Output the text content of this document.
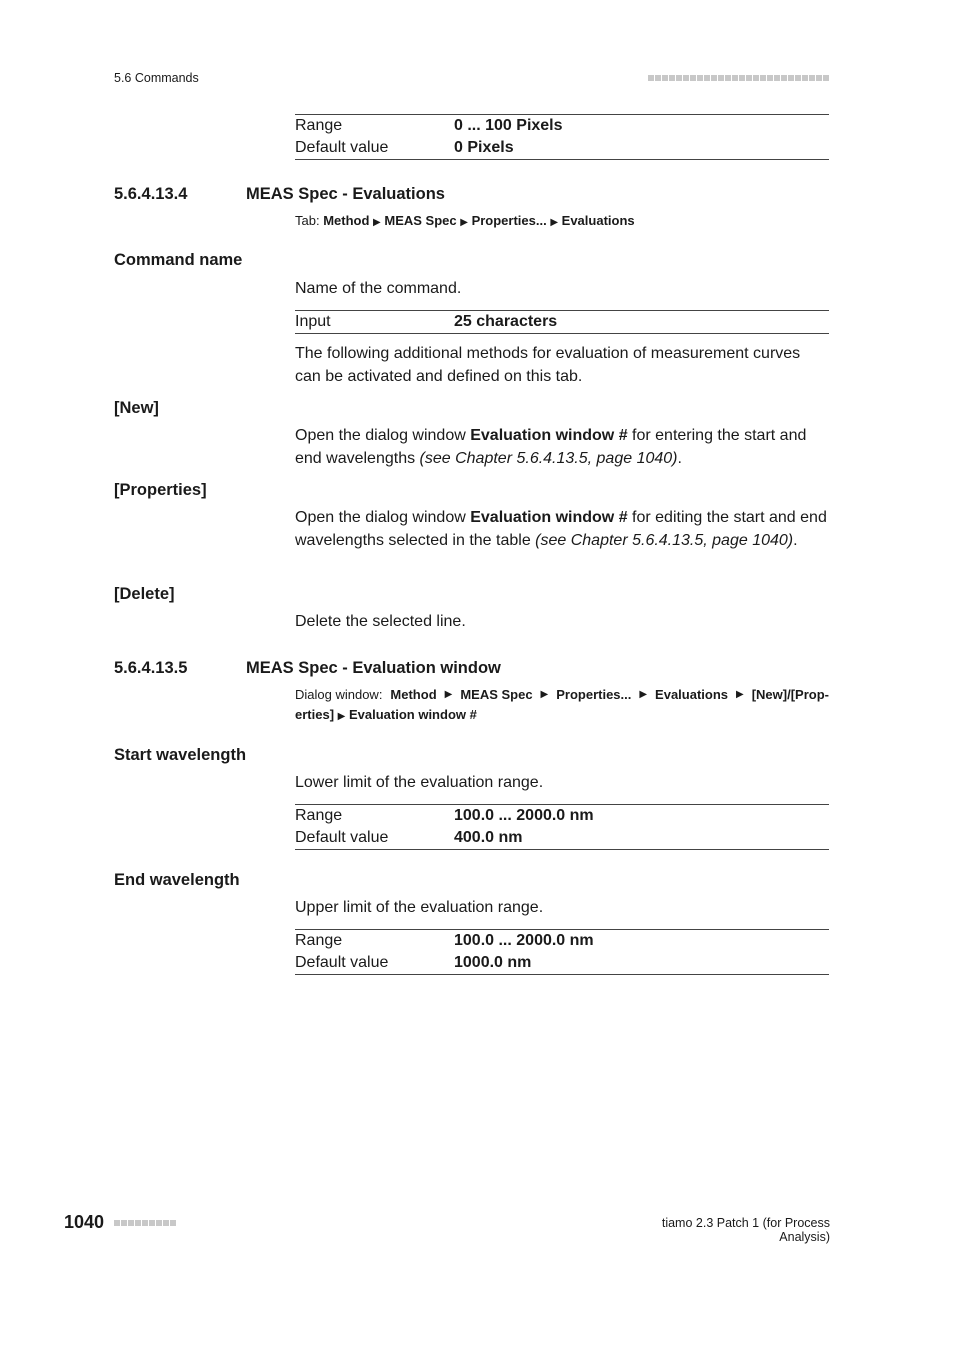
5.6 Commands
Range	0 ... 100 Pixels
Default value	0 Pixels
5.6.4.13.4	MEAS Spec - Evaluations
Tab: Method ▶ MEAS Spec ▶ Properties... ▶ Evaluations
Command name
Name of the command.
Input	25 characters
The following additional methods for evaluation of measurement curves can be activated and defined on this tab.
[New]
Open the dialog window Evaluation window # for entering the start and end wavelengths (see Chapter 5.6.4.13.5, page 1040).
[Properties]
Open the dialog window Evaluation window # for editing the start and end wavelengths selected in the table (see Chapter 5.6.4.13.5, page 1040).
[Delete]
Delete the selected line.
5.6.4.13.5	MEAS Spec - Evaluation window
Dialog window: Method ▶ MEAS Spec ▶ Properties... ▶ Evaluations ▶ [New]/[Prop-
erties] ▶ Evaluation window #
Start wavelength
Lower limit of the evaluation range.
Range	100.0 ... 2000.0 nm
Default value	400.0 nm
End wavelength
Upper limit of the evaluation range.
Range	100.0 ... 2000.0 nm
Default value	1000.0 nm
1040	tiamo 2.3 Patch 1 (for Process Analysis)
